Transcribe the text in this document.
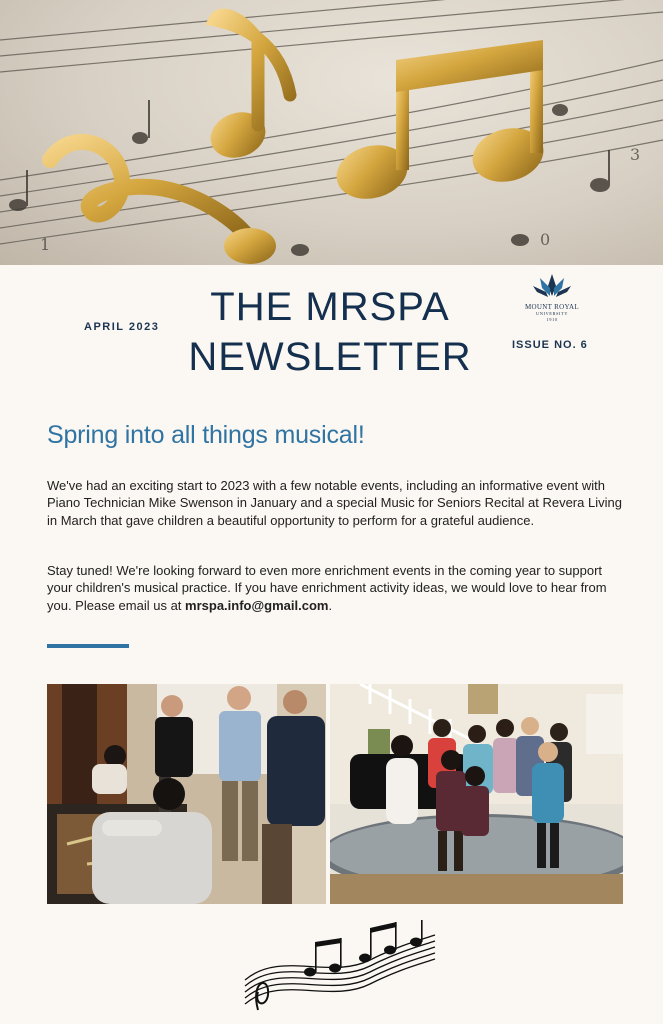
1
3
0
APRIL 2023	THE MRSPA
NEWSLETTER	ISSUE NO. 6
MOUNT ROYAL
UNIVERSITY
1910
Spring into all things musical!

We've had an exciting start to 2023 with a few notable events, including an informative event with Piano Technician Mike Swenson in January and a special Music for Seniors Recital at Revera Living in March that gave children a beautiful opportunity to perform for a grateful audience.

Stay tuned! We're looking forward to even more enrichment events in the coming year to support your children's musical practice. If you have enrichment activity ideas, we would love to hear from you. Please email us at mrspa.info@gmail.com.
